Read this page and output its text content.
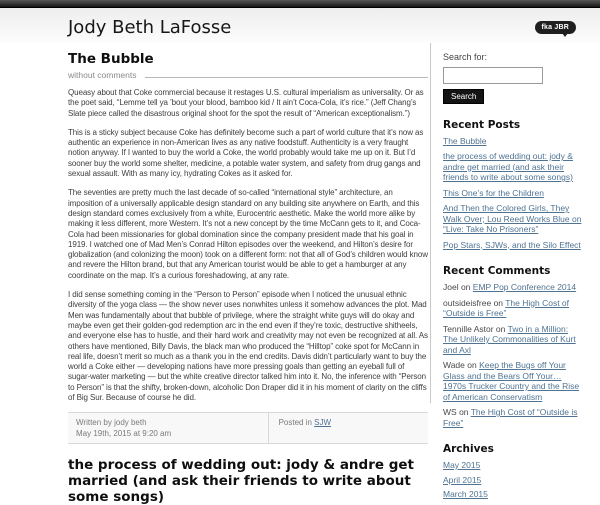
Jody Beth LaFosse	fka JBR
The Bubble
without comments

Queasy about that Coke commercial because it restages U.S. cultural imperialism as universality. Or as the poet said, “Lemme tell ya ’bout your blood, bamboo kid / It ain’t Coca-Cola, it’s rice.” (Jeff Chang’s Slate piece called the disastrous original shoot for the spot the result of “American exceptionalism.”)

This is a sticky subject because Coke has definitely become such a part of world culture that it’s now as authentic an experience in non-American lives as any native foodstuff. Authenticity is a very fraught notion anyway. If I wanted to buy the world a Coke, the world probably would take me up on it. But I’d sooner buy the world some shelter, medicine, a potable water system, and safety from drug gangs and sexual assault. With as many icy, hydrating Cokes as it asked for.

The seventies are pretty much the last decade of so-called “international style” architecture, an imposition of a universally applicable design standard on any building site anywhere on Earth, and this design standard comes exclusively from a white, Eurocentric aesthetic. Make the world more alike by making it less different, more Western. It’s not a new concept by the time McCann gets to it, and Coca-Cola had been missionaries for global domination since the company president made that his goal in 1919. I watched one of Mad Men’s Conrad Hilton episodes over the weekend, and Hilton’s desire for globalization (and colonizing the moon) took on a different form: not that all of God’s children would know and revere the Hilton brand, but that any American tourist would be able to get a hamburger at any coordinate on the map. It’s a curious foreshadowing, at any rate.

I did sense something coming in the “Person to Person” episode when I noticed the unusual ethnic diversity of the yoga class — the show never uses nonwhites unless it somehow advances the plot. Mad Men was fundamentally about that bubble of privilege, where the straight white guys will do okay and maybe even get their golden-god redemption arc in the end even if they’re toxic, destructive shitheels, and everyone else has to hustle, and their hard work and creativity may not even be recognized at all. As others have mentioned, Billy Davis, the black man who produced the “Hilltop” coke spot for McCann in real life, doesn’t merit so much as a thank you in the end credits. Davis didn’t particularly want to buy the world a Coke either — developing nations have more pressing goals than getting an eyeball full of sugar-water marketing — but the white creative director talked him into it. No, the inference with “Person to Person” is that the shifty, broken-down, alcoholic Don Draper did it in his moment of clarity on the cliffs of Big Sur. Because of course he did.

Written by jody beth
May 19th, 2015 at 9:20 am
Posted in SJW
the process of wedding out: jody & andre get married (and ask their friends to write about some songs)
Search for:
Search
Recent Posts
The Bubble
the process of wedding out: jody & andre get married (and ask their friends to write about some songs)
This One’s for the Children
And Then the Colored Girls, They Walk Over; Lou Reed Works Blue on “Live: Take No Prisoners”
Pop Stars, SJWs, and the Silo Effect
Recent Comments
Joel on EMP Pop Conference 2014
outsideisfree on The High Cost of “Outside is Free”
Tennille Astor on Two in a Million: The Unlikely Commonalities of Kurt and Axl
Wade on Keep the Bugs off Your Glass and the Bears Off Your… 1970s Trucker Country and the Rise of American Conservatism
WS on The High Cost of “Outside is Free”
Archives
May 2015
April 2015
March 2015
